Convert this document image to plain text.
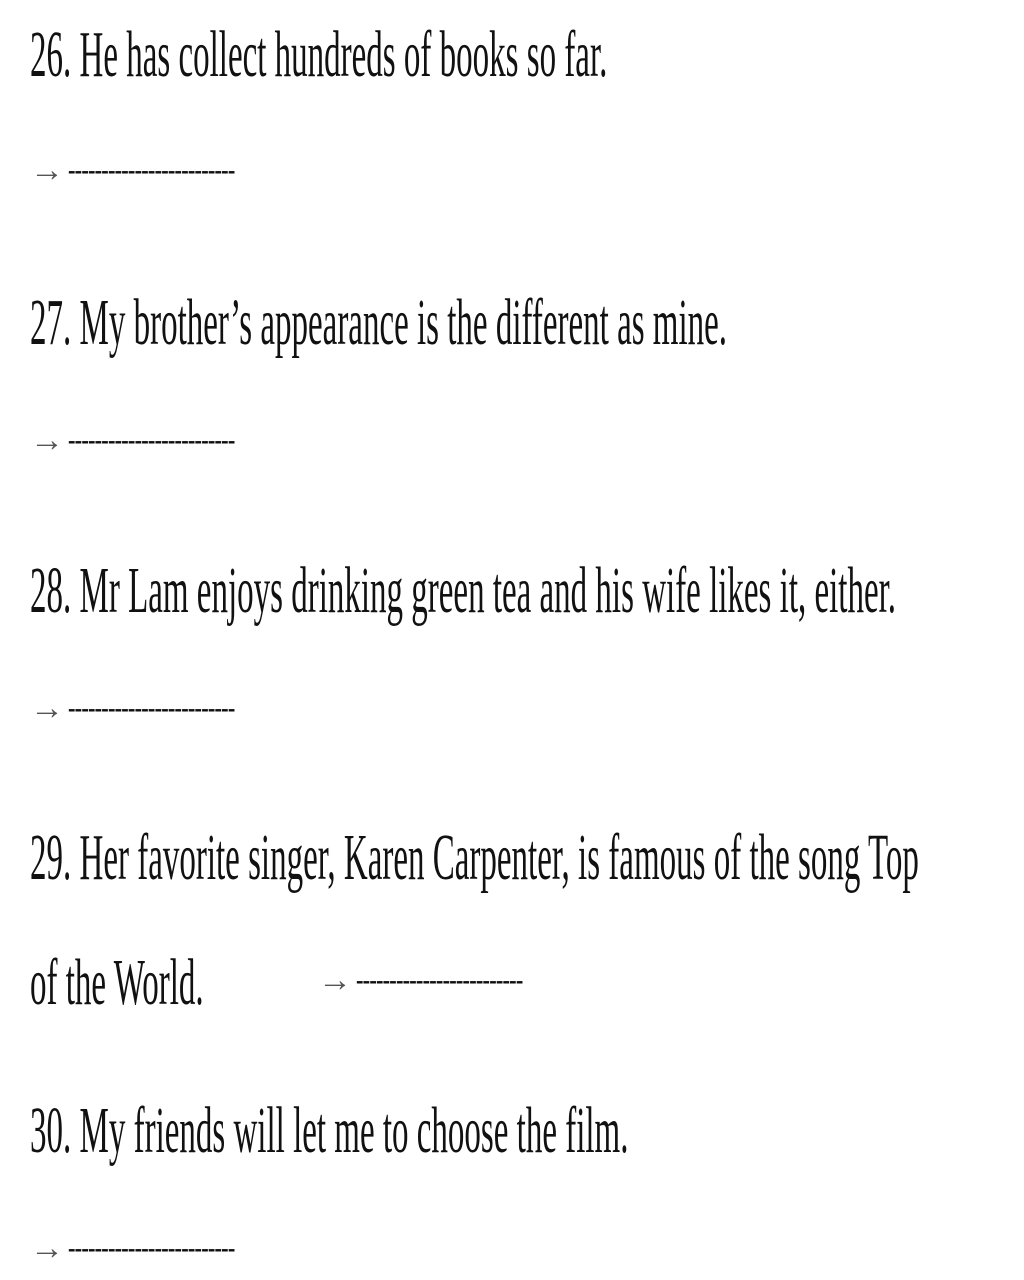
26. He has collect hundreds of books so far.
→ -------------------------
27. My brother’s appearance is the different as mine.
→ -------------------------
28. Mr Lam enjoys drinking green tea and his wife likes it, either.
→ -------------------------
29. Her favorite singer, Karen Carpenter, is famous of the song Top
of the World.	→ -------------------------
30. My friends will let me to choose the film.
→ -------------------------
